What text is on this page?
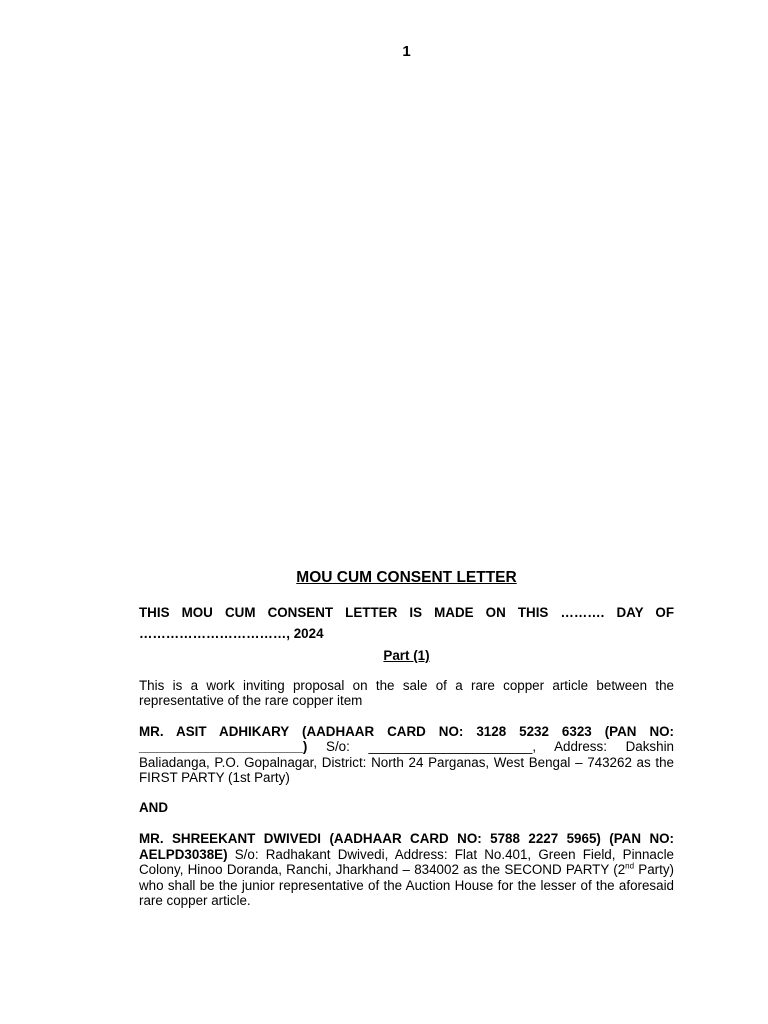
1
MOU CUM CONSENT LETTER

THIS MOU CUM CONSENT LETTER IS MADE ON THIS ………. DAY OF

……………………………, 2024

Part (1)

This is a work inviting proposal on the sale of a rare copper article between the representative of the rare copper item

MR. ASIT ADHIKARY (AADHAAR CARD NO: 3128 5232 6323 (PAN NO: ______________________) S/o: ______________________, Address: Dakshin Baliadanga, P.O. Gopalnagar, District: North 24 Parganas, West Bengal – 743262 as the FIRST PARTY (1st Party)

AND

MR. SHREEKANT DWIVEDI (AADHAAR CARD NO: 5788 2227 5965) (PAN NO: AELPD3038E) S/o: Radhakant Dwivedi, Address: Flat No.401, Green Field, Pinnacle Colony, Hinoo Doranda, Ranchi, Jharkhand – 834002 as the SECOND PARTY (2nd Party) who shall be the junior representative of the Auction House for the lesser of the aforesaid rare copper article.
